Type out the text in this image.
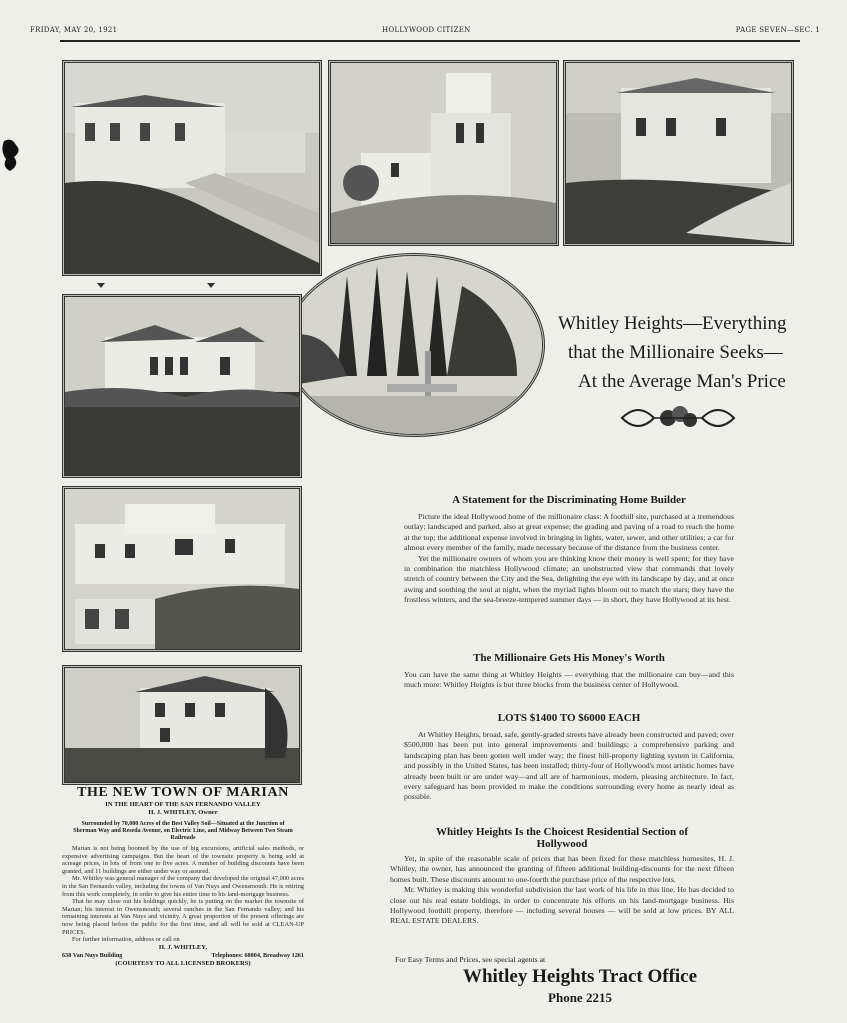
FRIDAY, MAY 20, 1921	HOLLYWOOD CITIZEN	PAGE SEVEN—SEC. 1
Whitley Heights—Everything
that the Millionaire Seeks—
At the Average Man's Price
A Statement for the Discriminating Home Builder

Picture the ideal Hollywood home of the millionaire class: A foothill site, purchased at a tremendous outlay; landscaped and parked, also at great expense; the grading and paving of a road to reach the home at the top; the additional expense involved in bringing in lights, water, sewer, and other utilities; a car for almost every member of the family, made necessary because of the distance from the business center.

Yet the millionaire owners of whom you are thinking know their money is well spent; for they have in combination the matchless Hollywood climate; an unobstructed view that commands that lovely stretch of country between the City and the Sea, delighting the eye with its landscape by day, and at once awing and soothing the soul at night, when the myriad lights bloom out to match the stars; they have the frostless winters, and the sea-breeze-tempered summer days — in short, they have Hollywood at its best.

The Millionaire Gets His Money's Worth

You can have the same thing at Whitley Heights — everything that the millionaire can buy—and this much more: Whitley Heights is but three blocks from the business center of Hollywood.

LOTS $1400 TO $6000 EACH

At Whitley Heights, broad, safe, gently-graded streets have already been constructed and paved; over $500,000 has been put into general improvements and buildings; a comprehensive parking and landscaping plan has been gotten well under way; the finest hill-property lighting system in California, and possibly in the United States, has been installed; thirty-four of Hollywood's most artistic homes have already been built or are under way—and all are of harmonious, modern, pleasing architecture. In fact, every safeguard has been provided to make the conditions surrounding every home as nearly ideal as possible.

Whitley Heights Is the Choicest Residential Section of
Hollywood

Yet, in spite of the reasonable scale of prices that has been fixed for these matchless homesites, H. J. Whitley, the owner, has announced the granting of fifteen additional building-discounts for the next fifteen homes built. These discounts amount to one-fourth the purchase price of the respective lots.

Mr. Whitley is making this wonderful subdivision the last work of his life in this line. He has decided to close out his real estate holdings, in order to concentrate his efforts on his land-mortgage business. His Hollywood foothill property, therefore — including several houses — will be sold at low prices. BY ALL REAL ESTATE DEALERS.

For Easy Terms and Prices, see special agents at
Whitley Heights Tract Office
Phone 2215
THE NEW TOWN OF MARIAN
IN THE HEART OF THE SAN FERNANDO VALLEY
H. J. WHITLEY, Owner
Surrounded by 70,000 Acres of the Best Valley Soil—Situated at the Junction of Sherman Way and Reseda Avenue, on Electric Line, and Midway Between Two Steam Railroads

Marian is not being boomed by the use of big excursions, artificial sales methods, or expensive advertising campaigns. But the heart of the townsite property is being sold at acreage prices, in lots of from one to five acres. A number of building discounts have been granted, and 11 buildings are either under way or assured.

Mr. Whitley was general manager of the company that developed the original 47,000 acres in the San Fernando valley, including the towns of Van Nuys and Owensmouth. He is retiring from this work completely, in order to give his entire time to his land-mortgage business.

That he may close out his holdings quickly, he is putting on the market the townsite of Marian; his interest in Owensmouth; several ranches in the San Fernando valley; and his remaining interests at Van Nuys and vicinity. A great proportion of the present offerings are now being placed before the public for the first time, and all will be sold at CLEAN-UP PRICES.

For further information, address or call on

H. J. WHITLEY,
638 Van Nuys Building	Telephones: 60804, Broadway 1261
(COURTESY TO ALL LICENSED BROKERS)
